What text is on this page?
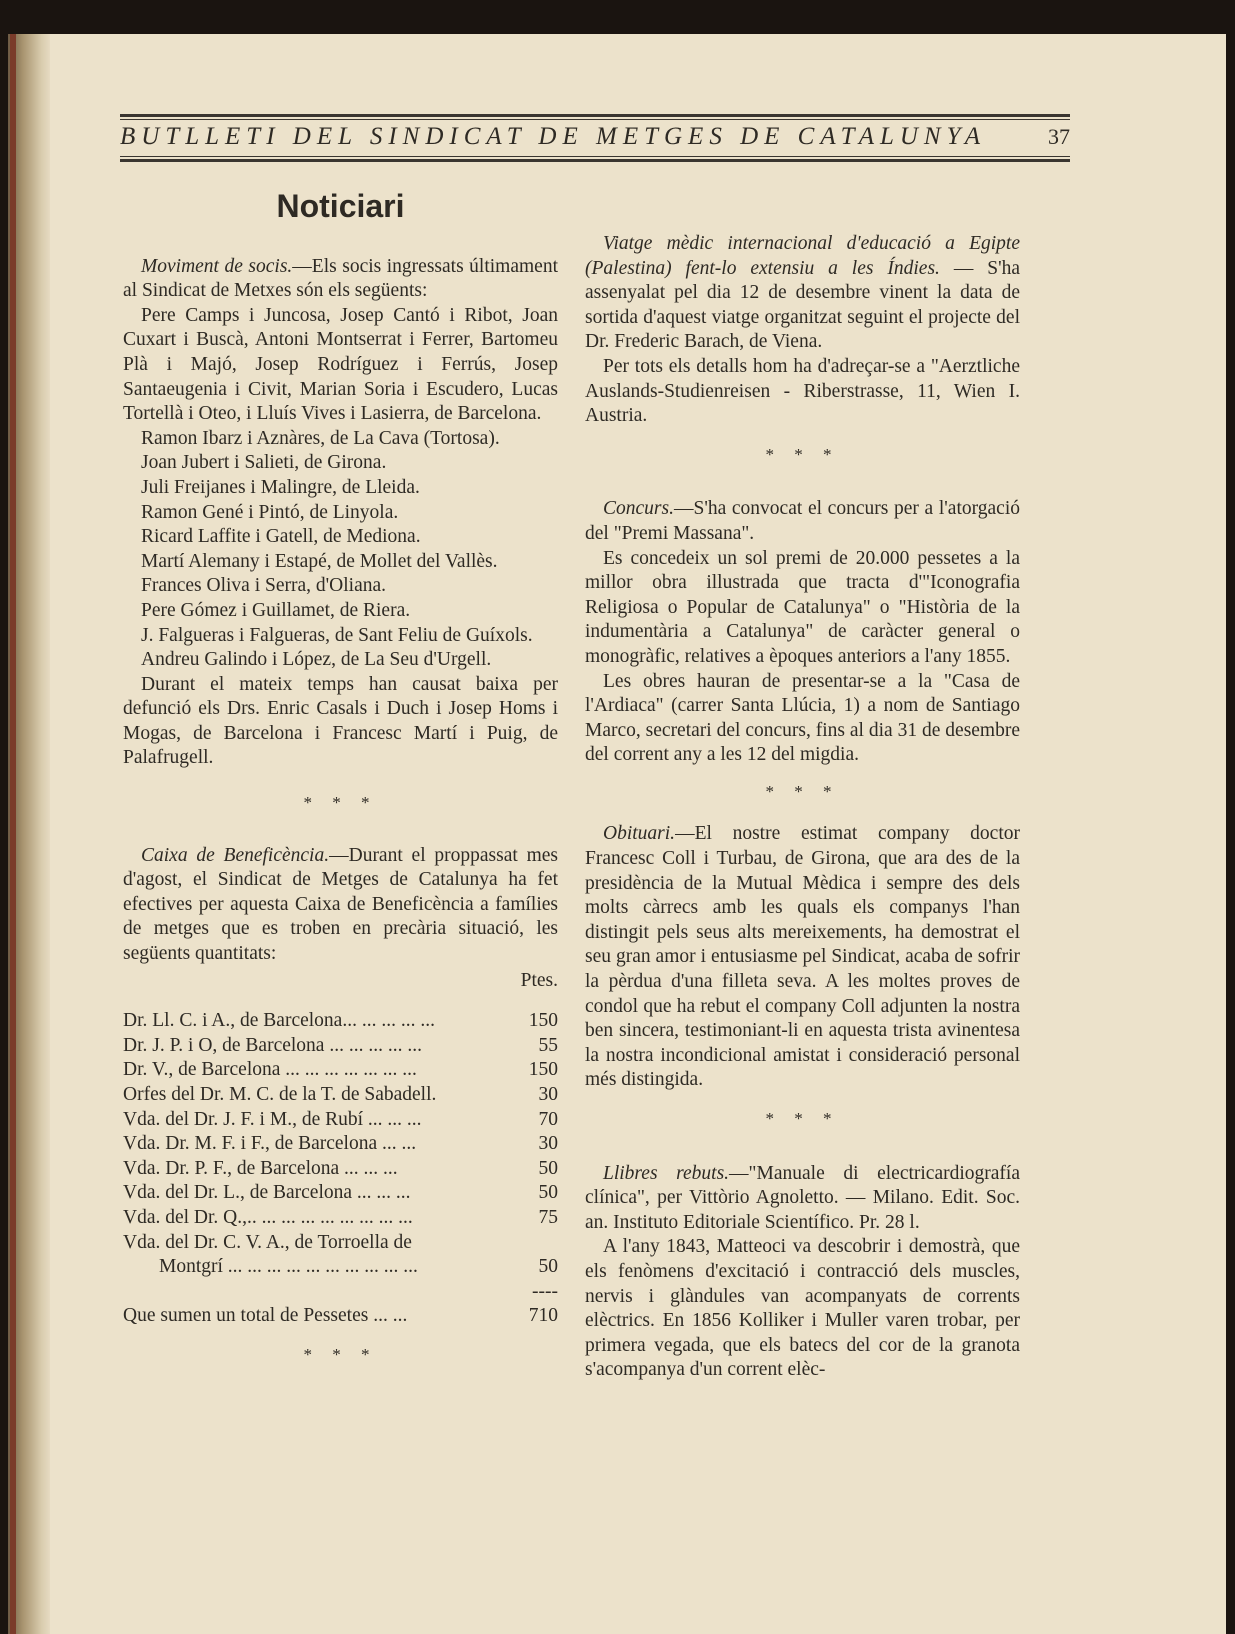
BUTLLETI DEL SINDICAT DE METGES DE CATALUNYA	37
Noticiari

Moviment de socis.—Els socis ingressats últimament al Sindicat de Metxes són els següents:

Pere Camps i Juncosa, Josep Cantó i Ribot, Joan Cuxart i Buscà, Antoni Montserrat i Ferrer, Bartomeu Plà i Majó, Josep Rodríguez i Ferrús, Josep Santaeugenia i Civit, Marian Soria i Escudero, Lucas Tortellà i Oteo, i Lluís Vives i Lasierra, de Barcelona.

Ramon Ibarz i Aznàres, de La Cava (Tortosa).

Joan Jubert i Salieti, de Girona.

Juli Freijanes i Malingre, de Lleida.

Ramon Gené i Pintó, de Linyola.

Ricard Laffite i Gatell, de Mediona.

Martí Alemany i Estapé, de Mollet del Vallès.

Frances Oliva i Serra, d'Oliana.

Pere Gómez i Guillamet, de Riera.

J. Falgueras i Falgueras, de Sant Feliu de Guíxols.

Andreu Galindo i López, de La Seu d'Urgell.

Durant el mateix temps han causat baixa per defunció els Drs. Enric Casals i Duch i Josep Homs i Mogas, de Barcelona i Francesc Martí i Puig, de Palafrugell.

* * *

Caixa de Beneficència.—Durant el proppassat mes d'agost, el Sindicat de Metges de Catalunya ha fet efectives per aquesta Caixa de Beneficència a famílies de metges que es troben en precària situació, les següents quantitats:

Ptes.
Dr. Ll. C. i A., de Barcelona... ... ... ... ...	150
Dr. J. P. i O, de Barcelona ... ... ... ... ...	55
Dr. V., de Barcelona ... ... ... ... ... ... ...	150
Orfes del Dr. M. C. de la T. de Sabadell.	30
Vda. del Dr. J. F. i M., de Rubí ... ... ...	70
Vda. Dr. M. F. i F., de Barcelona ... ...	30
Vda. Dr. P. F., de Barcelona ... ... ...	50
Vda. del Dr. L., de Barcelona ... ... ...	50
Vda. del Dr. Q.,.. ... ... ... ... ... ... ... ...	75
Vda. del Dr. C. V. A., de Torroella de	
Montgrí ... ... ... ... ... ... ... ... ... ...	50
	----
Que sumen un total de Pessetes ... ...	710
* * *

Viatge mèdic internacional d'educació a Egipte (Palestina) fent-lo extensiu a les Índies. — S'ha assenyalat pel dia 12 de desembre vinent la data de sortida d'aquest viatge organitzat seguint el projecte del Dr. Frederic Barach, de Viena.

Per tots els detalls hom ha d'adreçar-se a "Aerztliche Auslands-Studienreisen - Riberstrasse, 11, Wien I. Austria.

* * *

Concurs.—S'ha convocat el concurs per a l'atorgació del "Premi Massana".

Es concedeix un sol premi de 20.000 pessetes a la millor obra illustrada que tracta d'"Iconografia Religiosa o Popular de Catalunya" o "Història de la indumentària a Catalunya" de caràcter general o monogràfic, relatives a èpoques anteriors a l'any 1855.

Les obres hauran de presentar-se a la "Casa de l'Ardiaca" (carrer Santa Llúcia, 1) a nom de Santiago Marco, secretari del concurs, fins al dia 31 de desembre del corrent any a les 12 del migdia.

* * *

Obituari.—El nostre estimat company doctor Francesc Coll i Turbau, de Girona, que ara des de la presidència de la Mutual Mèdica i sempre des dels molts càrrecs amb les quals els companys l'han distingit pels seus alts mereixements, ha demostrat el seu gran amor i entusiasme pel Sindicat, acaba de sofrir la pèrdua d'una filleta seva. A les moltes proves de condol que ha rebut el company Coll adjunten la nostra ben sincera, testimoniant-li en aquesta trista avinentesa la nostra incondicional amistat i consideració personal més distingida.

* * *

Llibres rebuts.—"Manuale di electricardiografía clínica", per Vittòrio Agnoletto. — Milano. Edit. Soc. an. Instituto Editoriale Scientífico. Pr. 28 l.

A l'any 1843, Matteoci va descobrir i demostrà, que els fenòmens d'excitació i contracció dels muscles, nervis i glàndules van acompanyats de corrents elèctrics. En 1856 Kolliker i Muller varen trobar, per primera vegada, que els batecs del cor de la granota s'acompanya d'un corrent elèc-
